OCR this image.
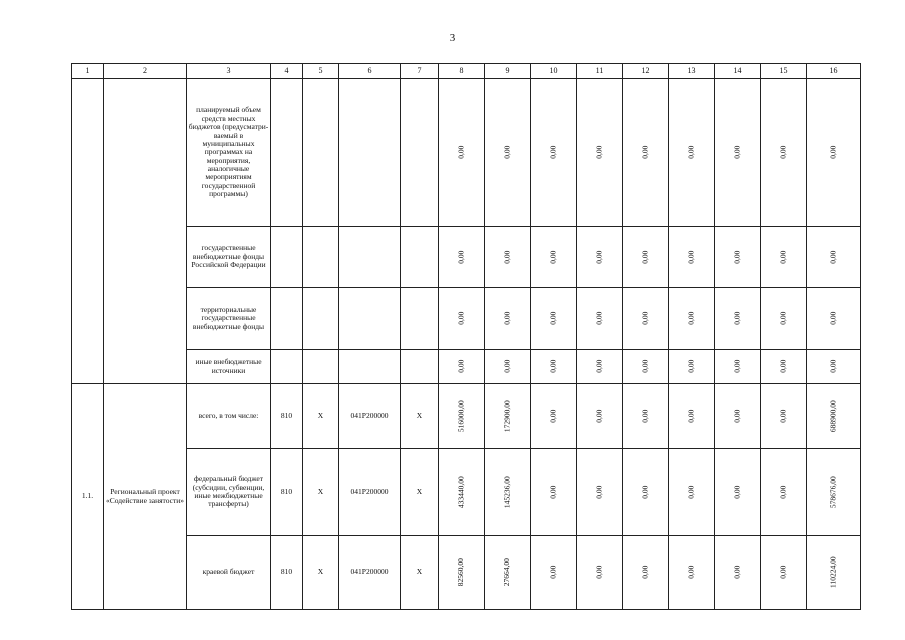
3
1	2	3	4	5	6	7	8	9	10	11	12	13	14	15	16
		планируемый объем средств местных бюджетов (предусматри-ваемый в муниципальных программах на мероприятия, аналогичные мероприятиям государственной программы)					0,00	0,00	0,00	0,00	0,00	0,00	0,00	0,00	0,00
		государственные внебюджетные фонды Российской Федерации					0,00	0,00	0,00	0,00	0,00	0,00	0,00	0,00	0,00
		территориальные государственные внебюджетные фонды					0,00	0,00	0,00	0,00	0,00	0,00	0,00	0,00	0,00
		иные внебюджетные источники					0,00	0,00	0,00	0,00	0,00	0,00	0,00	0,00	0,00
1.1.	Региональный проект «Содействие занятости»	всего, в том числе:	810	Х	041P200000	Х	516000,00	172900,00	0,00	0,00	0,00	0,00	0,00	0,00	688900,00
		федеральный бюджет (субсидии, субвенции, иные межбюджетные трансферты)	810	Х	041P200000	Х	433440,00	145236,00	0,00	0,00	0,00	0,00	0,00	0,00	578676,00
		краевой бюджет	810	Х	041P200000	Х	82560,00	27664,00	0,00	0,00	0,00	0,00	0,00	0,00	110224,00
